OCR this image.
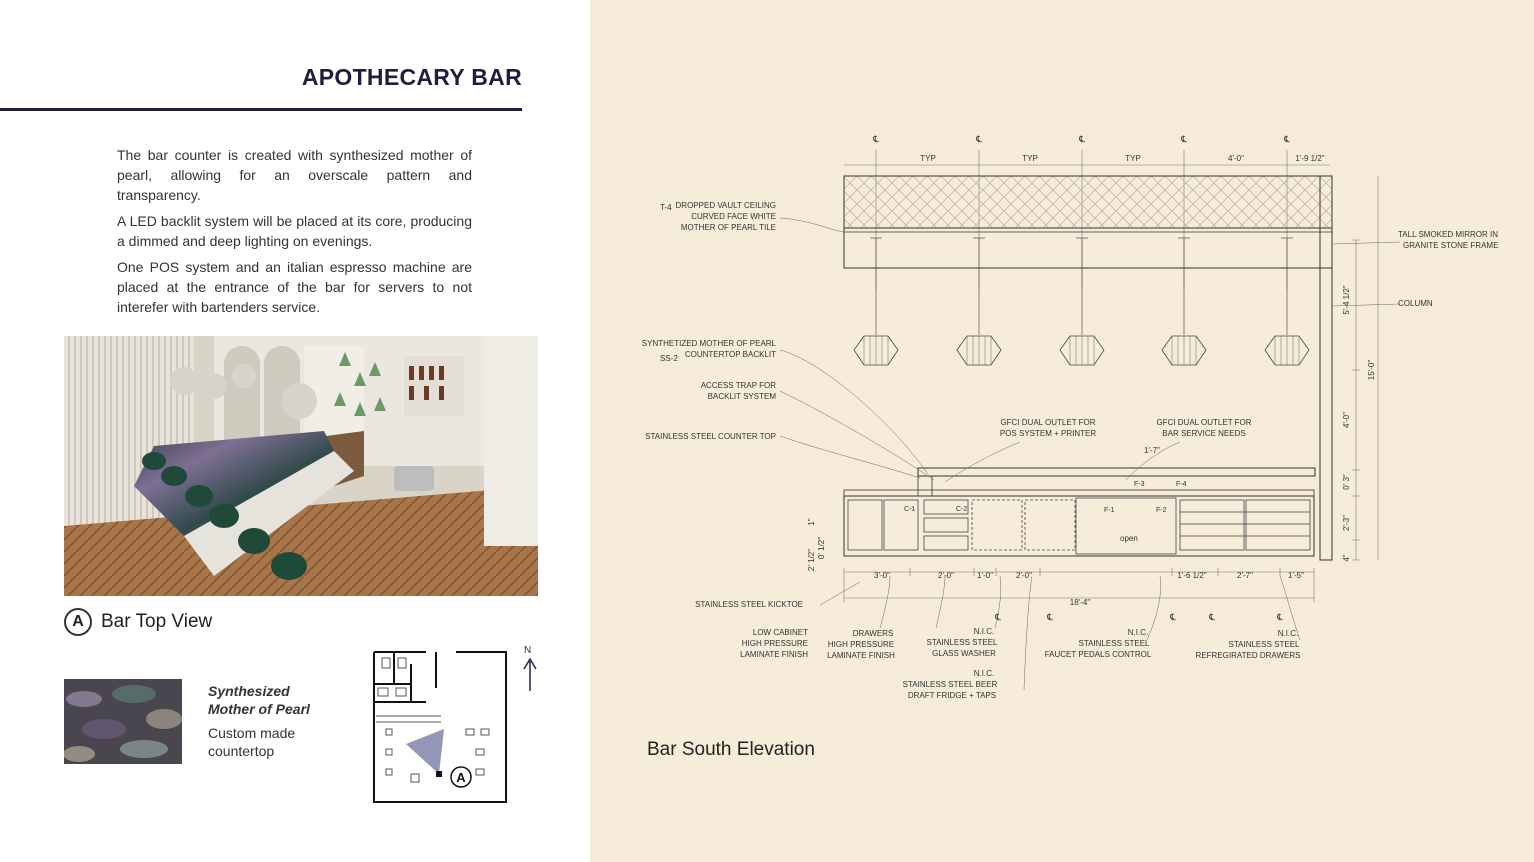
APOTHECARY BAR

The bar counter is created with synthesized mother of pearl, allowing for an overscale pattern and transparency.

A LED backlit system will be placed at its core, producing a dimmed and deep lighting on evenings.

One POS system and an italian espresso machine are placed at the entrance of the bar for servers to not interefer with bartenders service.

A Bar Top View
Synthesized Mother of Pearl
Custom made countertop
A
N
℄	℄	℄	℄	℄
TYP	TYP	TYP	4'-0"	1'-9 1/2"
C-1	C-2	F-1	F-2
F-3	F-4
open
T-4 DROPPED VAULT CEILING
CURVED FACE WHITE
MOTHER OF PEARL TILE
TALL SMOKED MIRROR IN
GRANITE STONE FRAME
COLUMN
SYNTHETIZED MOTHER OF PEARL
COUNTERTOP BACKLIT
SS-2
ACCESS TRAP FOR
BACKLIT SYSTEM
STAINLESS STEEL COUNTER TOP
GFCI DUAL OUTLET FOR
POS SYSTEM + PRINTER
GFCI DUAL OUTLET FOR
BAR SERVICE NEEDS
STAINLESS STEEL KICKTOE
LOW CABINET
HIGH PRESSURE
LAMINATE FINISH
DRAWERS
HIGH PRESSURE
LAMINATE FINISH
N.I.C.
STAINLESS STEEL
GLASS WASHER
N.I.C.
STAINLESS STEEL BEER
DRAFT FRIDGE + TAPS
N.I.C.
STAINLESS STEEL
FAUCET PEDALS CONTROL
N.I.C.
STAINLESS STEEL
REFREGIRATED DRAWERS
5'-4 1/2"
15'-0"
4'-0"
0' 3"
2'-3"
4"
1"
2' 1/2"
0' 1/2"
1'-7"
3'-0"	2'-0"	1'-0"	2'-0"	1'-6 1/2"	2'-7"	1'-5"
18'-4"
℄	℄	℄	℄	℄
Bar South Elevation
